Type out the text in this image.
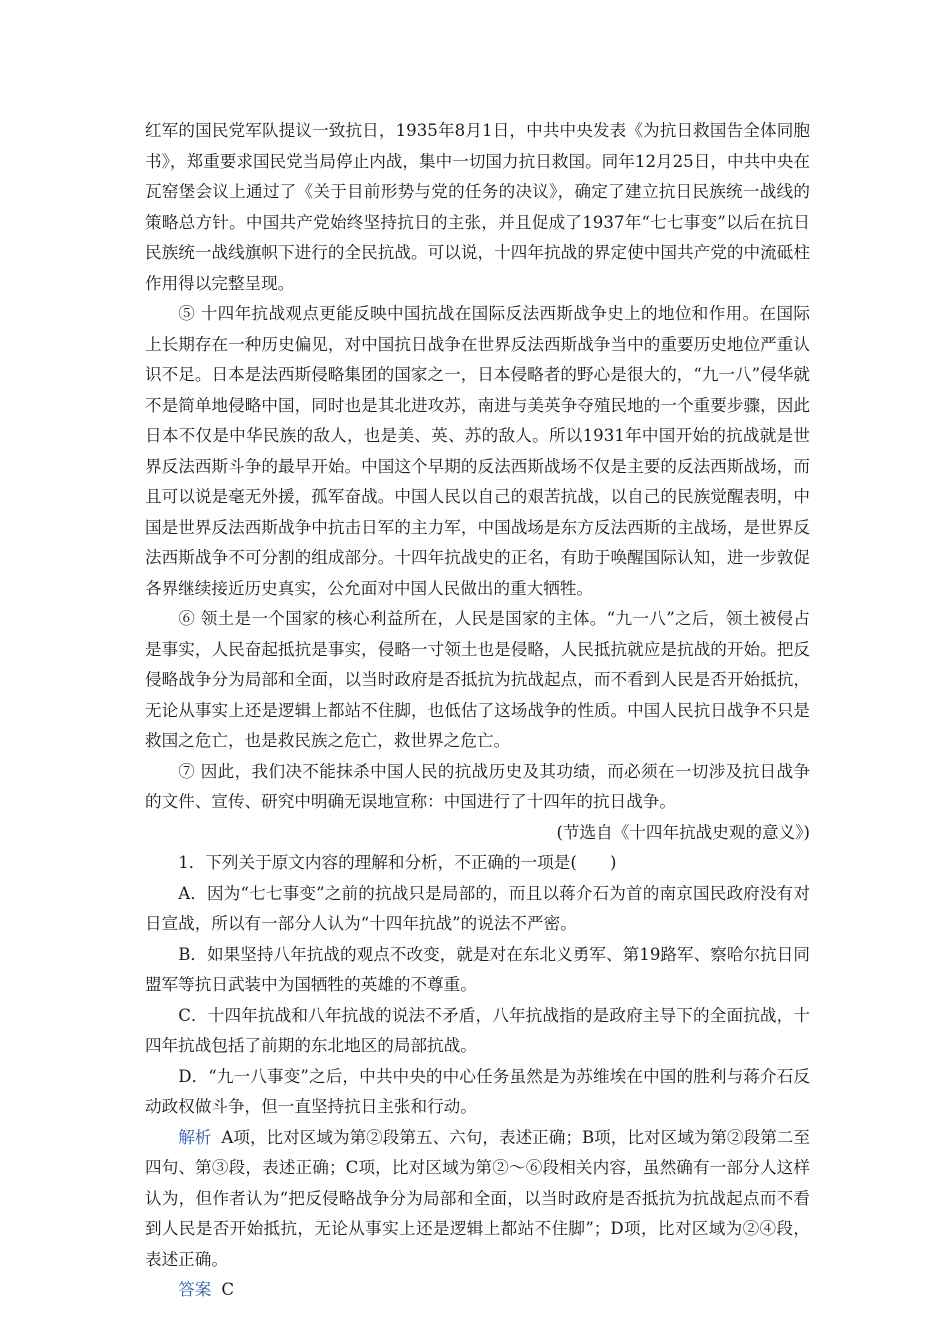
红军的国民党军队提议一致抗日，1935年8月1日，中共中央发表《为抗日救国告全体同胞书》，郑重要求国民党当局停止内战，集中一切国力抗日救国。同年12月25日，中共中央在瓦窑堡会议上通过了《关于目前形势与党的任务的决议》，确定了建立抗日民族统一战线的策略总方针。中国共产党始终坚持抗日的主张，并且促成了1937年“七七事变”以后在抗日民族统一战线旗帜下进行的全民抗战。可以说，十四年抗战的界定使中国共产党的中流砥柱作用得以完整呈现。

⑤ 十四年抗战观点更能反映中国抗战在国际反法西斯战争史上的地位和作用。在国际上长期存在一种历史偏见，对中国抗日战争在世界反法西斯战争当中的重要历史地位严重认识不足。日本是法西斯侵略集团的国家之一，日本侵略者的野心是很大的，“九一八”侵华就不是简单地侵略中国，同时也是其北进攻苏，南进与美英争夺殖民地的一个重要步骤，因此日本不仅是中华民族的敌人，也是美、英、苏的敌人。所以1931年中国开始的抗战就是世界反法西斯斗争的最早开始。中国这个早期的反法西斯战场不仅是主要的反法西斯战场，而且可以说是毫无外援，孤军奋战。中国人民以自己的艰苦抗战，以自己的民族觉醒表明，中国是世界反法西斯战争中抗击日军的主力军，中国战场是东方反法西斯的主战场，是世界反法西斯战争不可分割的组成部分。十四年抗战史的正名，有助于唤醒国际认知，进一步敦促各界继续接近历史真实，公允面对中国人民做出的重大牺牲。

⑥ 领土是一个国家的核心利益所在，人民是国家的主体。“九一八”之后，领土被侵占是事实，人民奋起抵抗是事实，侵略一寸领土也是侵略，人民抵抗就应是抗战的开始。把反侵略战争分为局部和全面，以当时政府是否抵抗为抗战起点，而不看到人民是否开始抵抗，无论从事实上还是逻辑上都站不住脚，也低估了这场战争的性质。中国人民抗日战争不只是救国之危亡，也是救民族之危亡，救世界之危亡。

⑦ 因此，我们决不能抹杀中国人民的抗战历史及其功绩，而必须在一切涉及抗日战争的文件、宣传、研究中明确无误地宣称：中国进行了十四年的抗日战争。

(节选自《十四年抗战史观的意义》)

1．下列关于原文内容的理解和分析，不正确的一项是(　　)

A．因为“七七事变”之前的抗战只是局部的，而且以蒋介石为首的南京国民政府没有对日宣战，所以有一部分人认为“十四年抗战”的说法不严密。

B．如果坚持八年抗战的观点不改变，就是对在东北义勇军、第19路军、察哈尔抗日同盟军等抗日武装中为国牺牲的英雄的不尊重。

C．十四年抗战和八年抗战的说法不矛盾，八年抗战指的是政府主导下的全面抗战，十四年抗战包括了前期的东北地区的局部抗战。

D．“九一八事变”之后，中共中央的中心任务虽然是为苏维埃在中国的胜利与蒋介石反动政权做斗争，但一直坚持抗日主张和行动。

解析 A项，比对区域为第②段第五、六句，表述正确；B项，比对区域为第②段第二至四句、第③段，表述正确；C项，比对区域为第②～⑥段相关内容，虽然确有一部分人这样认为，但作者认为“把反侵略战争分为局部和全面，以当时政府是否抵抗为抗战起点而不看到人民是否开始抵抗，无论从事实上还是逻辑上都站不住脚”；D项，比对区域为②④段，表述正确。

答案 C
